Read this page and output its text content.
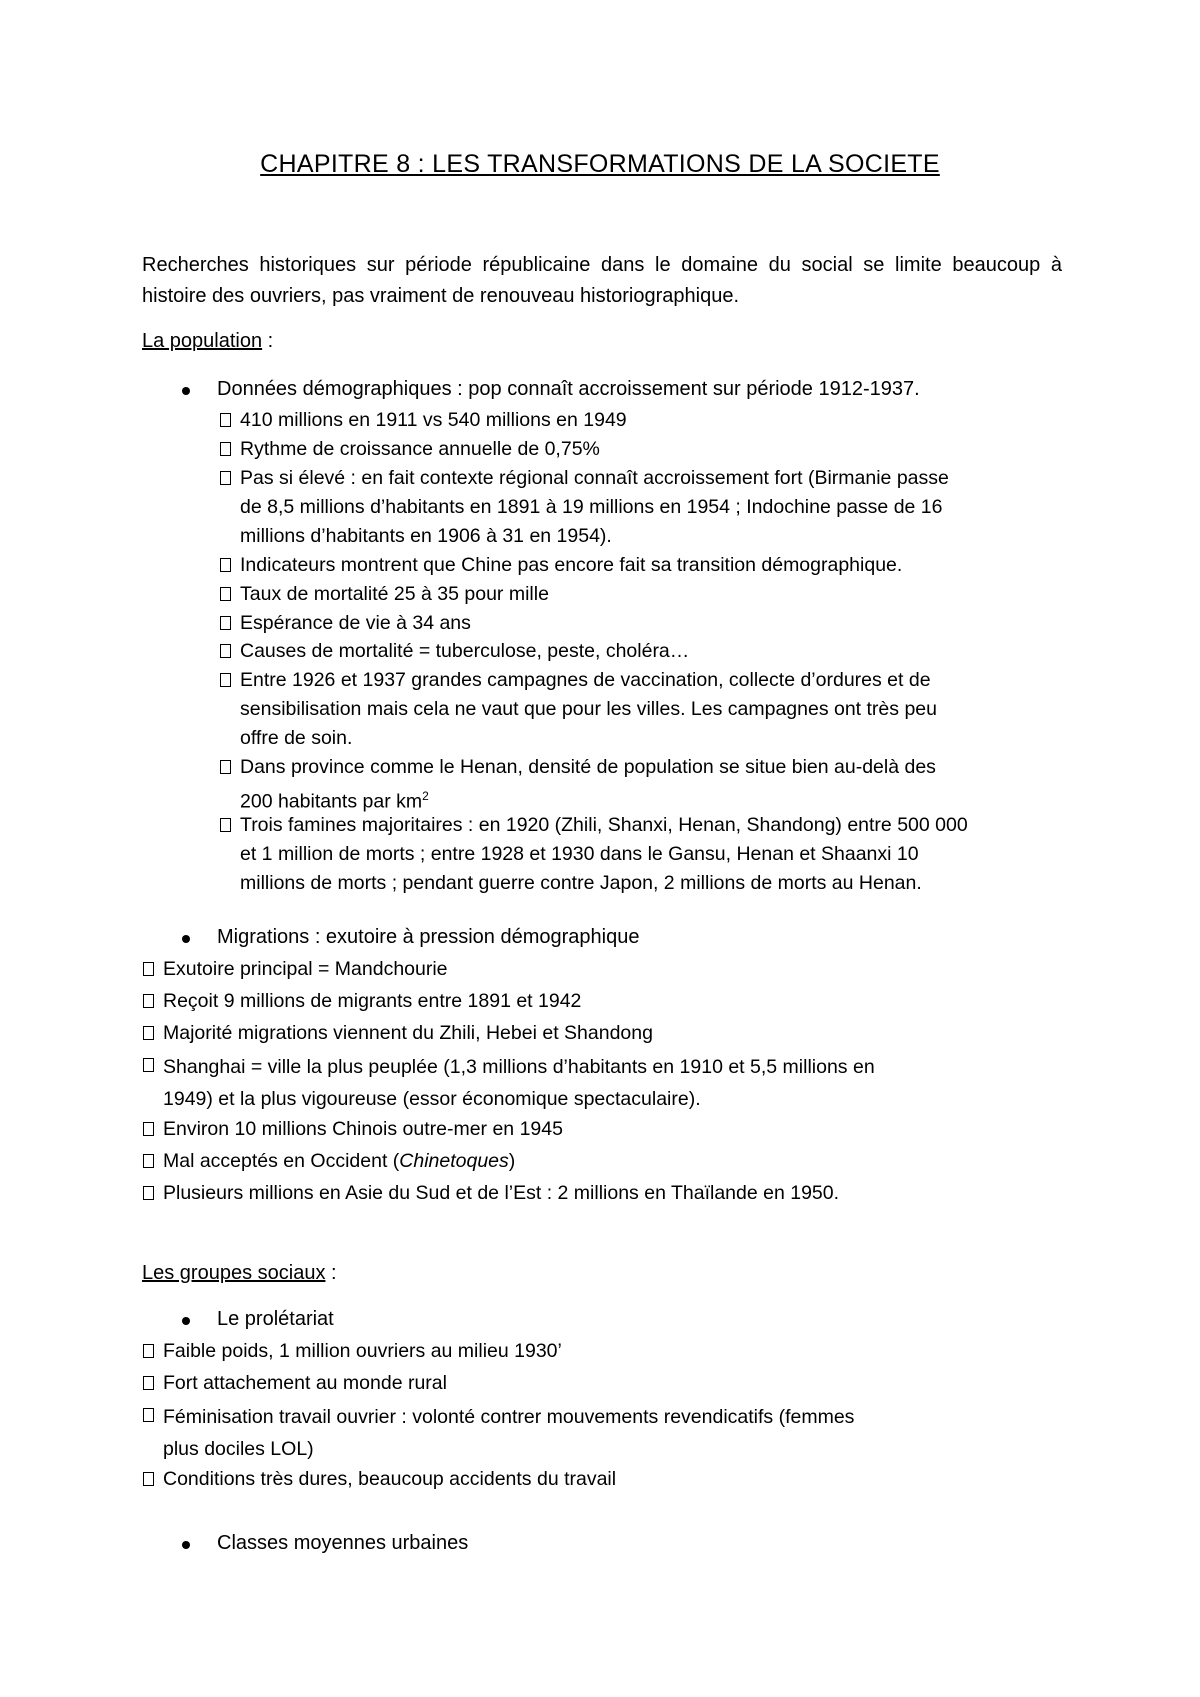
CHAPITRE 8 : LES TRANSFORMATIONS DE LA SOCIETE
Recherches historiques sur période républicaine dans le domaine du social se limite beaucoup à histoire des ouvriers, pas vraiment de renouveau historiographique.
La population :
Données démographiques : pop connaît accroissement sur période 1912-1937.
410 millions en 1911 vs 540 millions en 1949
Rythme de croissance annuelle de 0,75%
Pas si élevé : en fait contexte régional connaît accroissement fort (Birmanie passe
de 8,5 millions d’habitants en 1891 à 19 millions en 1954 ; Indochine passe de 16
millions d’habitants en 1906 à 31 en 1954).
Indicateurs montrent que Chine pas encore fait sa transition démographique.
Taux de mortalité 25 à 35 pour mille
Espérance de vie à 34 ans
Causes de mortalité = tuberculose, peste, choléra…
Entre 1926 et 1937 grandes campagnes de vaccination, collecte d’ordures et de
sensibilisation mais cela ne vaut que pour les villes. Les campagnes ont très peu
offre de soin.
Dans province comme le Henan, densité de population se situe bien au-delà des
200 habitants par $km^2$
Trois famines majoritaires : en 1920 (Zhili, Shanxi, Henan, Shandong) entre 500 000
et 1 million de morts ; entre 1928 et 1930 dans le Gansu, Henan et Shaanxi 10
millions de morts ; pendant guerre contre Japon, 2 millions de morts au Henan.
Migrations : exutoire à pression démographique
Exutoire principal = Mandchourie
Reçoit 9 millions de migrants entre 1891 et 1942
Majorité migrations viennent du Zhili, Hebei et Shandong
Shanghai = ville la plus peuplée (1,3 millions d’habitants en 1910 et 5,5 millions en
1949) et la plus vigoureuse (essor économique spectaculaire).
Environ 10 millions Chinois outre-mer en 1945
Mal acceptés en Occident (Chinetoques)
Plusieurs millions en Asie du Sud et de l’Est : 2 millions en Thaïlande en 1950.
Les groupes sociaux :
Le prolétariat
Faible poids, 1 million ouvriers au milieu 1930’
Fort attachement au monde rural
Féminisation travail ouvrier : volonté contrer mouvements revendicatifs (femmes
plus dociles LOL)
Conditions très dures, beaucoup accidents du travail
Classes moyennes urbaines
